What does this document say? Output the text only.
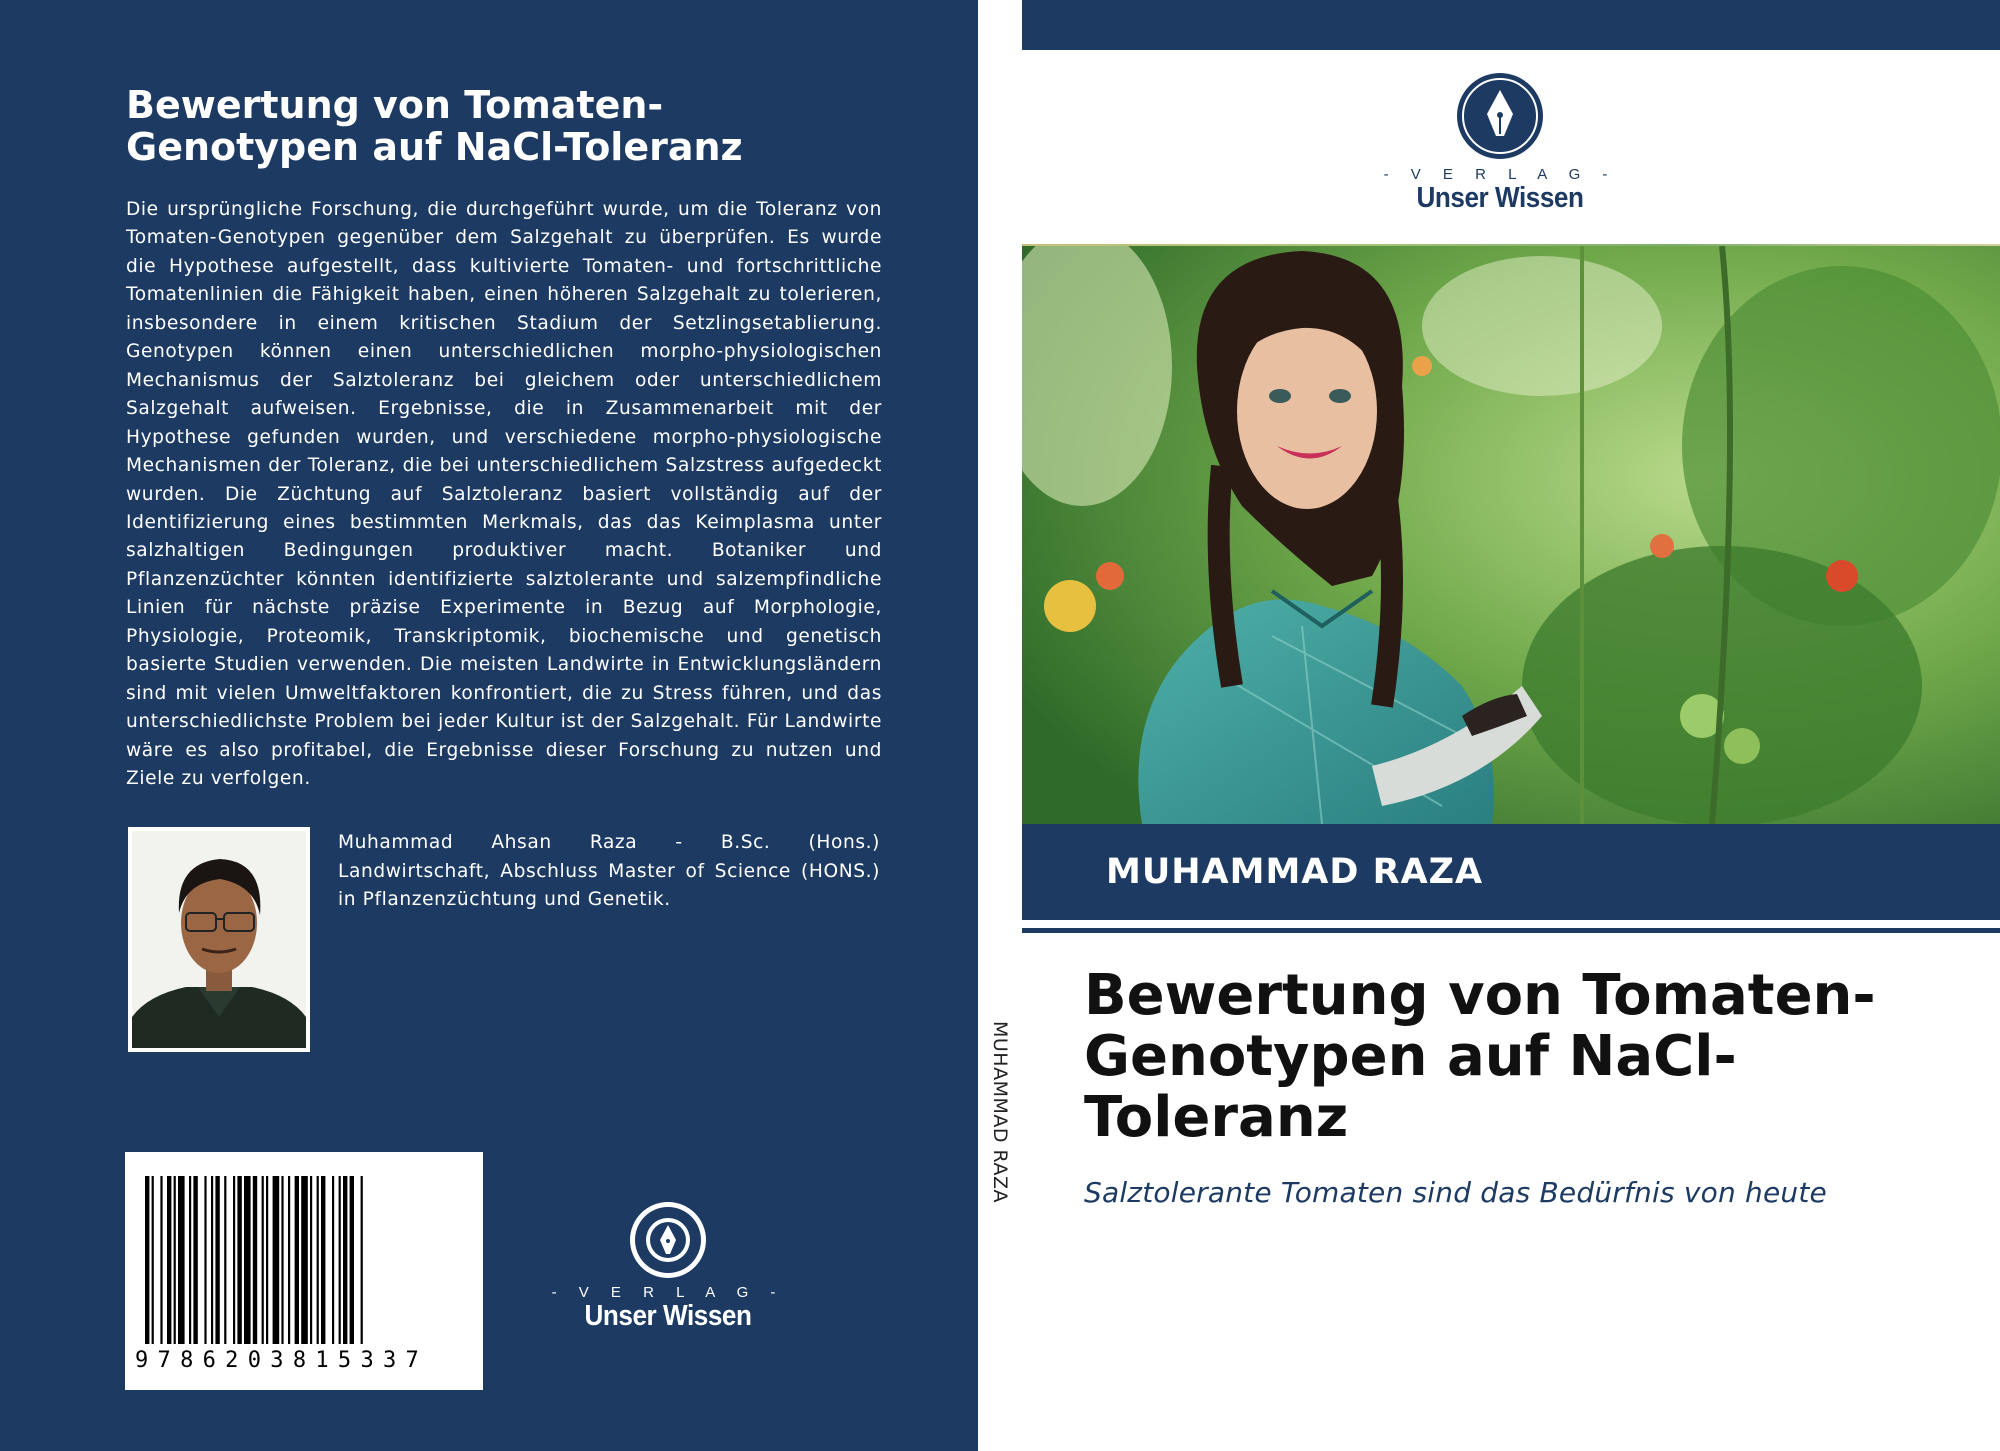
Bewertung von Tomaten-Genotypen auf NaCl-Toleranz
Die ursprüngliche Forschung, die durchgeführt wurde, um die Toleranz von Tomaten-Genotypen gegenüber dem Salzgehalt zu überprüfen. Es wurde die Hypothese aufgestellt, dass kultivierte Tomaten- und fortschrittliche Tomatenlinien die Fähigkeit haben, einen höheren Salzgehalt zu tolerieren, insbesondere in einem kritischen Stadium der Setzlingsetablierung. Genotypen können einen unterschiedlichen morpho-physiologischen Mechanismus der Salztoleranz bei gleichem oder unterschiedlichem Salzgehalt aufweisen. Ergebnisse, die in Zusammenarbeit mit der Hypothese gefunden wurden, und verschiedene morpho-physiologische Mechanismen der Toleranz, die bei unterschiedlichem Salzstress aufgedeckt wurden. Die Züchtung auf Salztoleranz basiert vollständig auf der Identifizierung eines bestimmten Merkmals, das das Keimplasma unter salzhaltigen Bedingungen produktiver macht. Botaniker und Pflanzenzüchter könnten identifizierte salztolerante und salzempfindliche Linien für nächste präzise Experimente in Bezug auf Morphologie, Physiologie, Proteomik, Transkriptomik, biochemische und genetisch basierte Studien verwenden. Die meisten Landwirte in Entwicklungsländern sind mit vielen Umweltfaktoren konfrontiert, die zu Stress führen, und das unterschiedlichste Problem bei jeder Kultur ist der Salzgehalt. Für Landwirte wäre es also profitabel, die Ergebnisse dieser Forschung zu nutzen und Ziele zu verfolgen.
Muhammad Ahsan Raza - B.Sc. (Hons.) Landwirtschaft, Abschluss Master of Science (HONS.) in Pflanzenzüchtung und Genetik.
9786203815337
- V E R L A G -
Unser Wissen
MUHAMMAD RAZA
- V E R L A G -
Unser Wissen
MUHAMMAD RAZA
Bewertung von Tomaten-Genotypen auf NaCl-Toleranz
Salztolerante Tomaten sind das Bedürfnis von heute
